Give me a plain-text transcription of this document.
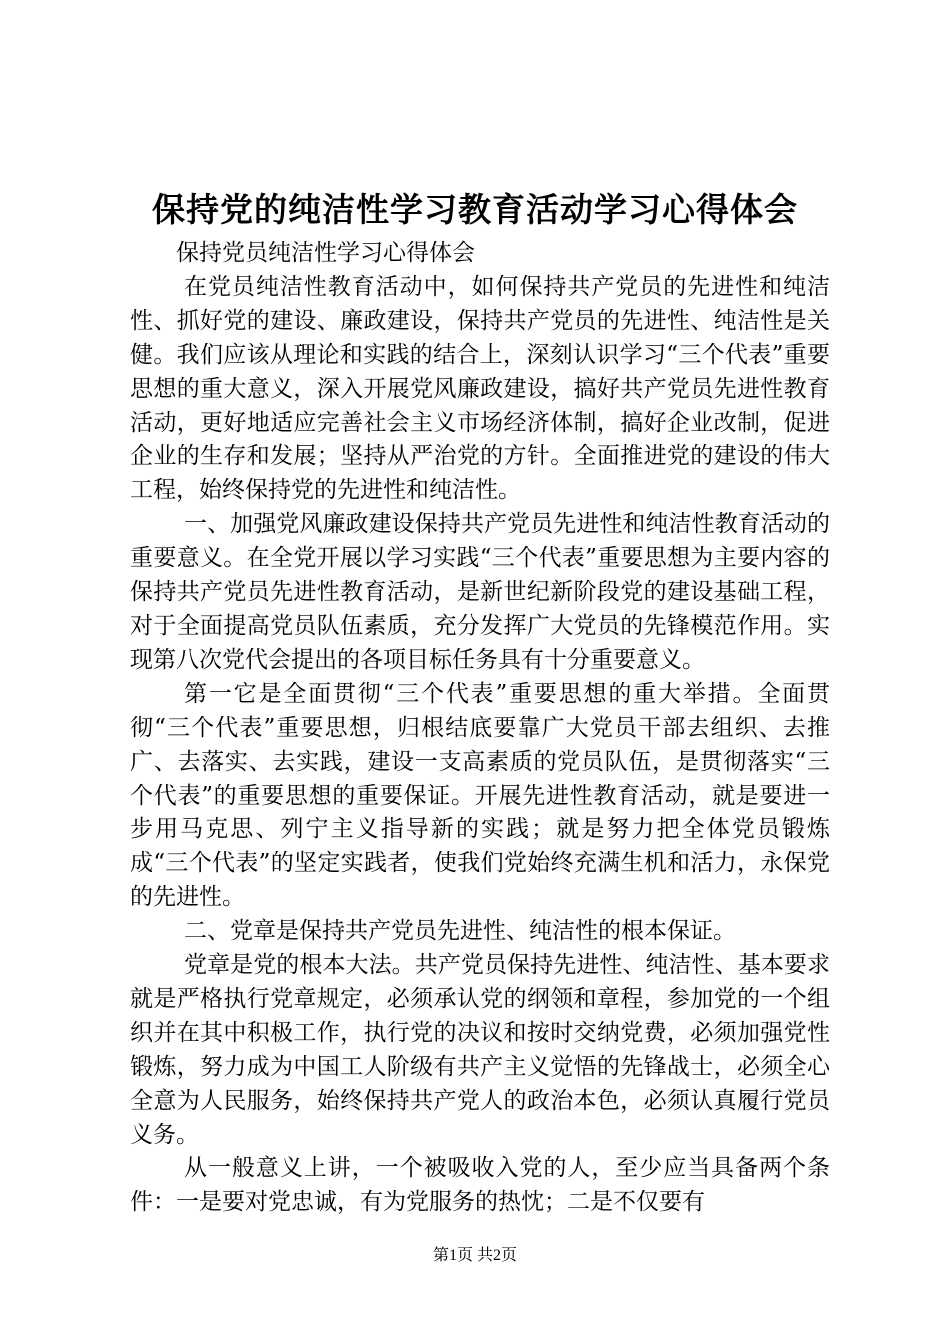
保持党的纯洁性学习教育活动学习心得体会

保持党员纯洁性学习心得体会

在党员纯洁性教育活动中，如何保持共产党员的先进性和纯洁性、抓好党的建设、廉政建设，保持共产党员的先进性、纯洁性是关健。我们应该从理论和实践的结合上，深刻认识学习“三个代表”重要思想的重大意义，深入开展党风廉政建设，搞好共产党员先进性教育活动，更好地适应完善社会主义市场经济体制，搞好企业改制，促进企业的生存和发展；坚持从严治党的方针。全面推进党的建设的伟大工程，始终保持党的先进性和纯洁性。

一、加强党风廉政建设保持共产党员先进性和纯洁性教育活动的重要意义。在全党开展以学习实践“三个代表”重要思想为主要内容的保持共产党员先进性教育活动，是新世纪新阶段党的建设基础工程，对于全面提高党员队伍素质，充分发挥广大党员的先锋模范作用。实现第八次党代会提出的各项目标任务具有十分重要意义。

第一它是全面贯彻“三个代表”重要思想的重大举措。全面贯彻“三个代表”重要思想，归根结底要靠广大党员干部去组织、去推广、去落实、去实践，建设一支高素质的党员队伍，是贯彻落实“三个代表”的重要思想的重要保证。开展先进性教育活动，就是要进一步用马克思、列宁主义指导新的实践；就是努力把全体党员锻炼成“三个代表”的坚定实践者，使我们党始终充满生机和活力，永保党的先进性。

二、党章是保持共产党员先进性、纯洁性的根本保证。

党章是党的根本大法。共产党员保持先进性、纯洁性、基本要求就是严格执行党章规定，必须承认党的纲领和章程，参加党的一个组织并在其中积极工作，执行党的决议和按时交纳党费，必须加强党性锻炼，努力成为中国工人阶级有共产主义觉悟的先锋战士，必须全心全意为人民服务，始终保持共产党人的政治本色，必须认真履行党员义务。

从一般意义上讲，一个被吸收入党的人，至少应当具备两个条件：一是要对党忠诚，有为党服务的热忱；二是不仅要有

第1页 共2页
